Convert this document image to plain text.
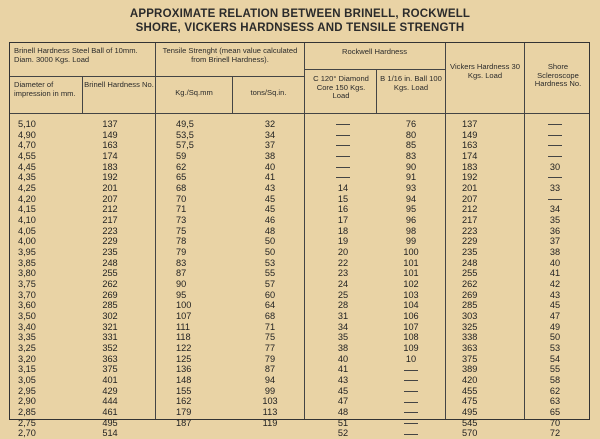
APPROXIMATE RELATION BETWEEN BRINELL, ROCKWELL
SHORE, VICKERS HARDNSESS AND TENSILE STRENGTH
Brinell Hardness Steel Ball of 10mm. Diam. 3000 Kgs. Load
Tensile Strenght (mean value calculated from Brinell Hardness).
Rockwell Hardness
Vickers Hardness 30 Kgs. Load
Shore Scleroscope Hardness No.
Diameter of impression in mm.
Brinell Hardness No.
Kg./Sq.mm	tons/Sq.in.
C 120° Diamond Core 150 Kgs. Load
B 1/16 in. Ball 100 Kgs. Load
5,10
4,90
4,70
4,55
4,45
4,35
4,25
4,20
4,15
4,10
4,05
4,00
3,95
3,85
3,80
3,75
3,70
3,60
3,50
3,40
3,35
3,25
3,20
3,15
3,05
2,95
2,90
2,85
2,75
2,70
137
149
163
174
183
192
201
207
212
217
223
229
235
248
255
262
269
285
302
321
331
352
363
375
401
429
444
461
495
514
49,5
53,5
57,5
59
62
65
68
70
71
73
75
78
79
83
87
90
95
100
107
111
118
122
125
136
148
155
162
179
187
32
34
37
38
40
41
43
45
45
46
48
50
50
53
55
57
60
64
68
71
75
77
79
87
94
99
103
113
119
14
15
16
17
18
19
20
22
23
24
25
28
31
34
35
38
40
41
43
45
47
48
51
52
76
80
85
83
90
91
93
94
95
96
98
99
100
101
101
102
103
104
106
107
108
109
10
137
149
163
174
183
192
201
207
212
217
223
229
235
248
255
262
269
285
303
325
338
363
375
389
420
455
475
495
545
570
30
33
34
35
36
37
38
40
41
42
43
45
47
49
50
53
54
55
58
62
63
65
70
72
